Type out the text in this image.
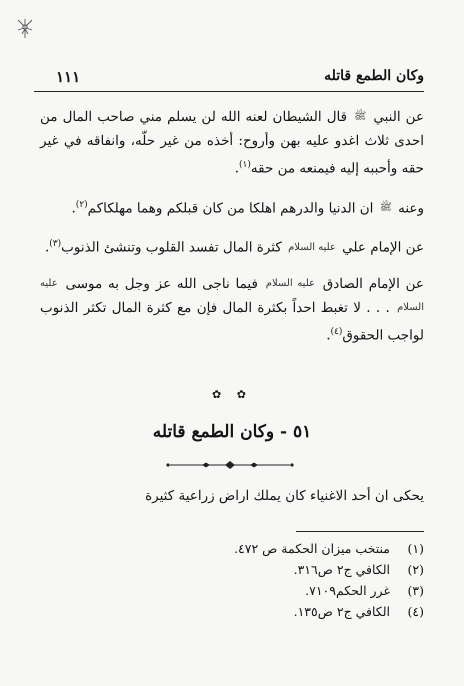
وكان الطمع قاتله
١١١

عن النبي ﷺ قال الشيطان لعنه الله لن يسلم مني صاحب المال من احدى ثلاث اغدو عليه بهن وأروح: أخذه من غير حلّه، وانفاقه في غير حقه وأحببه إليه فيمنعه من حقه$^{(١)}$.

وعنه ﷺ ان الدنيا والدرهم اهلكا من كان قبلكم وهما مهلكاكم$^{(٢)}$.

عن الإمام علي عليه السلام كثرة المال تفسد القلوب وتنشئ الذنوب$^{(٣)}$.

عن الإمام الصادق عليه السلام فيما ناجى الله عز وجل به موسى عليه السلام . . . لا تغبط احداً بكثرة المال فإن مع كثرة المال تكثر الذنوب لواجب الحقوق$^{(٤)}$.

✿ ✿
٥١ - وكان الطمع قاتله
يحكى ان أحد الاغنياء كان يملك اراض زراعية كثيرة
(١)منتخب ميزان الحكمة ص ٤٧٢.
(٢)الكافي ج٢ ص٣١٦.
(٣)غرر الحكم٧١٠٩.
(٤)الكافي ج٢ ص١٣٥.
